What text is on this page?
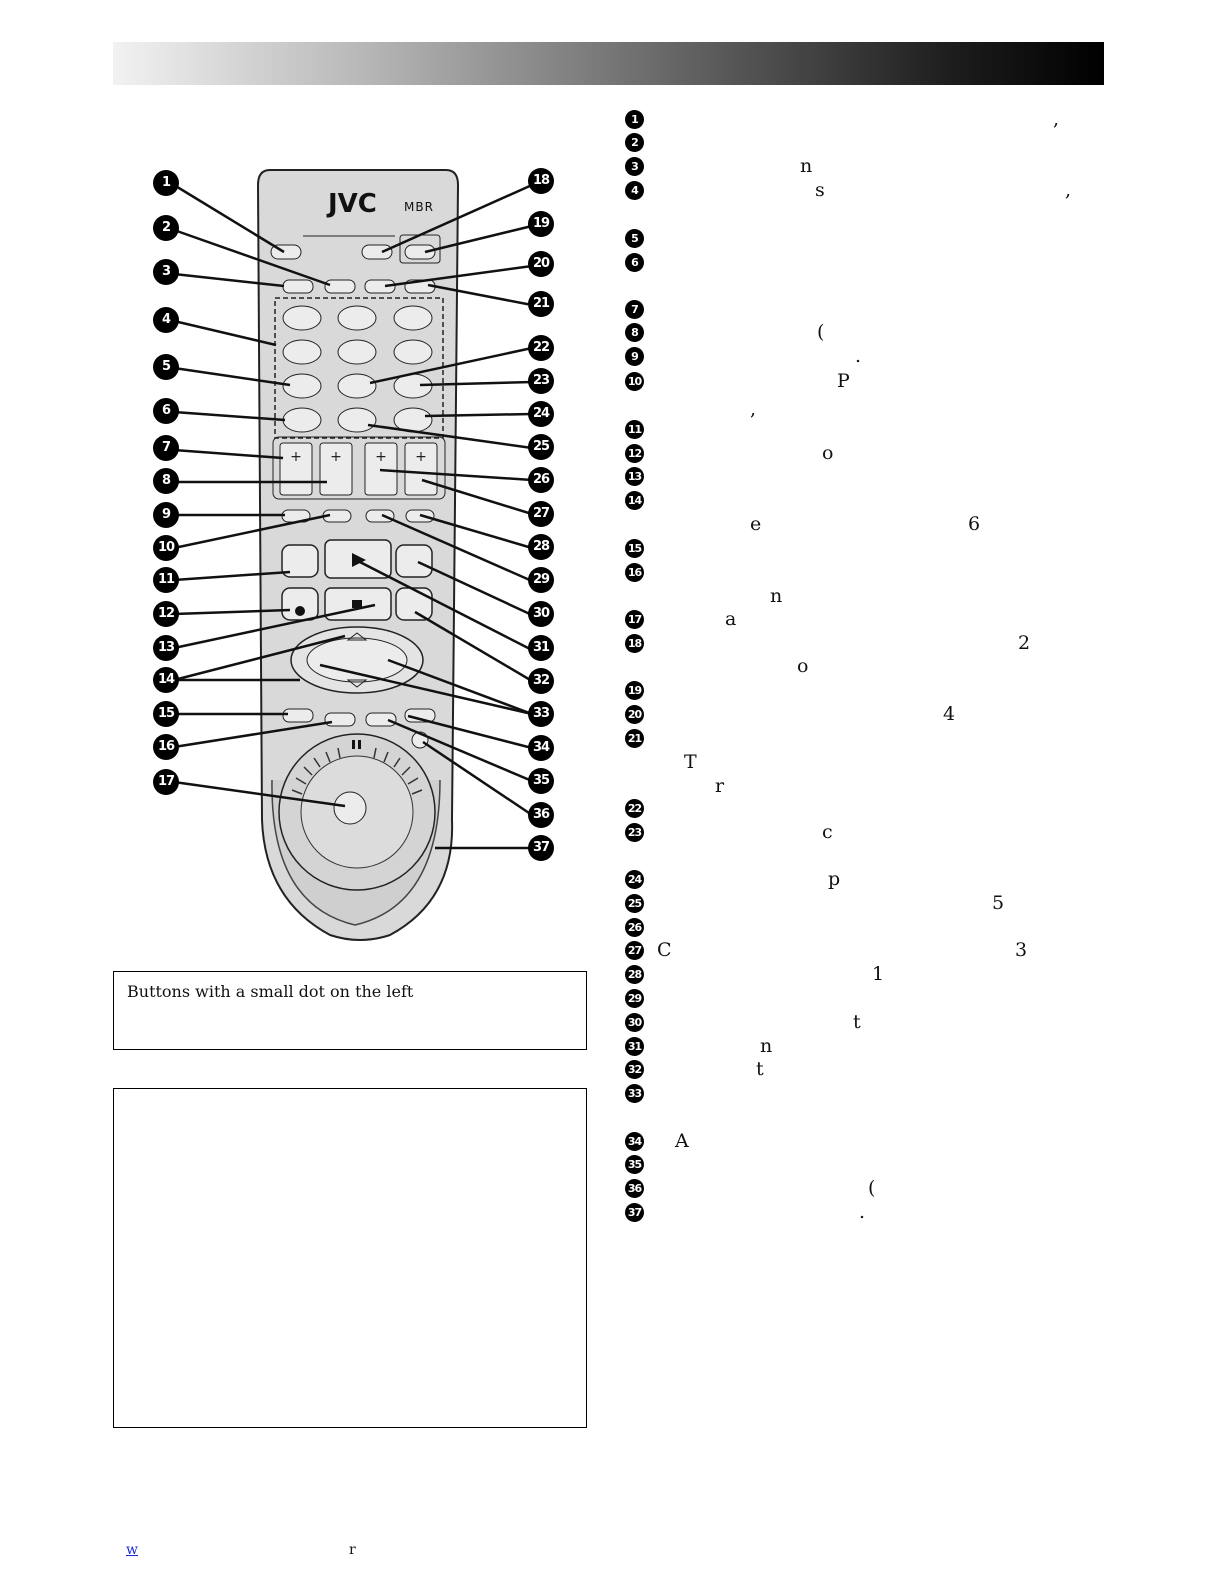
JVC MBR
+ + + +
1
2
3
4
5
6
7
8
9
10
11
12
13
14
15
16
17
18
19
20
21
22
23
24
25
26
27
28
29
30
31
32
33
34
35
36
37
Buttons with a small dot on the left
1	,
2
3	n
4	s	,
5
6
7
8	(
9	.
10	P
,
11
12	o
13
14
e	6
15
16
n
17	a
18	2
o
19
20	4
21
T
r
22
23	c
24	p
25	5
26
27 C	3
28	1
29
30	t
31	n
32	t
33
34 A
35
36	(
37	.
w	r
